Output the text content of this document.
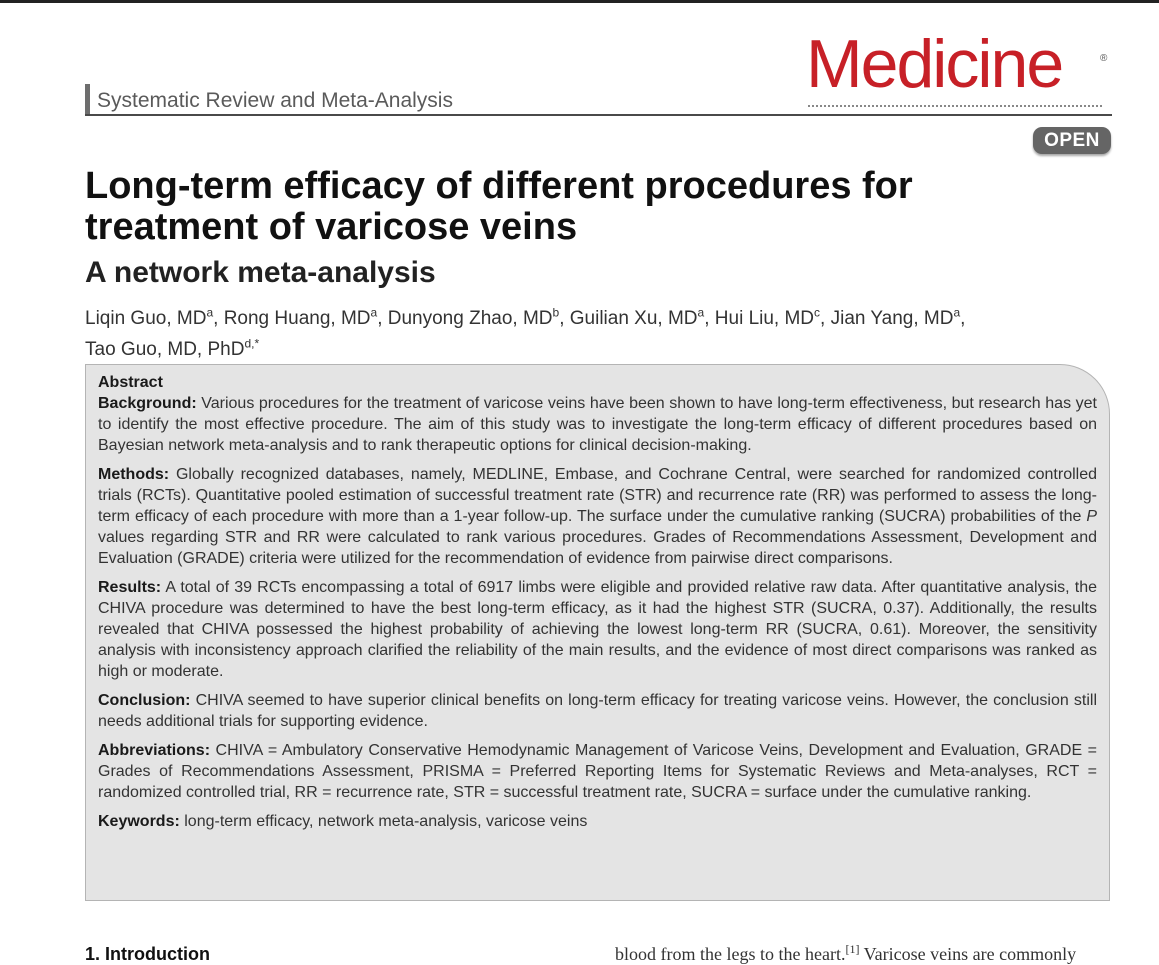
Systematic Review and Meta-Analysis	Medicine	®
OPEN
Long-term efficacy of different procedures for treatment of varicose veins
A network meta-analysis
Liqin Guo, $MD^a$, Rong Huang, $MD^a$, Dunyong Zhao, $MD^b$, Guilian Xu, $MD^a$, Hui Liu, $MD^c$, Jian Yang, $MD^a$,
Tao Guo, MD, PhD$^{d,*}$

Abstract

Background: Various procedures for the treatment of varicose veins have been shown to have long-term effectiveness, but research has yet to identify the most effective procedure. The aim of this study was to investigate the long-term efficacy of different procedures based on Bayesian network meta-analysis and to rank therapeutic options for clinical decision-making.

Methods: Globally recognized databases, namely, MEDLINE, Embase, and Cochrane Central, were searched for randomized controlled trials (RCTs). Quantitative pooled estimation of successful treatment rate (STR) and recurrence rate (RR) was performed to assess the long-term efficacy of each procedure with more than a 1-year follow-up. The surface under the cumulative ranking (SUCRA) probabilities of the P values regarding STR and RR were calculated to rank various procedures. Grades of Recommendations Assessment, Development and Evaluation (GRADE) criteria were utilized for the recommendation of evidence from pairwise direct comparisons.

Results: A total of 39 RCTs encompassing a total of 6917 limbs were eligible and provided relative raw data. After quantitative analysis, the CHIVA procedure was determined to have the best long-term efficacy, as it had the highest STR (SUCRA, 0.37). Additionally, the results revealed that CHIVA possessed the highest probability of achieving the lowest long-term RR (SUCRA, 0.61). Moreover, the sensitivity analysis with inconsistency approach clarified the reliability of the main results, and the evidence of most direct comparisons was ranked as high or moderate.

Conclusion: CHIVA seemed to have superior clinical benefits on long-term efficacy for treating varicose veins. However, the conclusion still needs additional trials for supporting evidence.

Abbreviations: CHIVA = Ambulatory Conservative Hemodynamic Management of Varicose Veins, Development and Evaluation, GRADE = Grades of Recommendations Assessment, PRISMA = Preferred Reporting Items for Systematic Reviews and Meta-analyses, RCT = randomized controlled trial, RR = recurrence rate, STR = successful treatment rate, SUCRA = surface under the cumulative ranking.

Keywords: long-term efficacy, network meta-analysis, varicose veins

1. Introduction	blood from the legs to the heart.[1] Varicose veins are commonly
